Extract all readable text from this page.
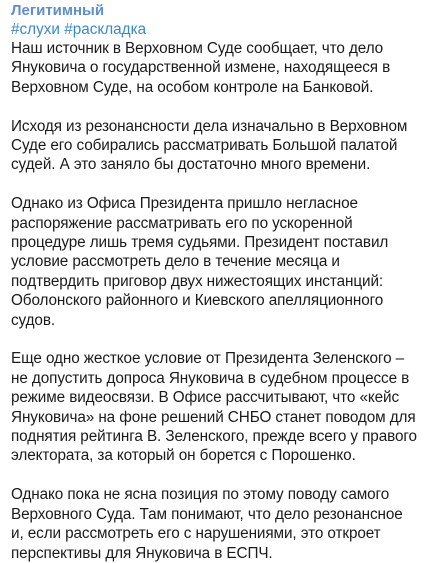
Легитимный
#слухи #раскладка

Наш источник в Верховном Суде сообщает, что дело Януковича о государственной измене, находящееся в Верховном Суде, на особом контроле на Банковой.

Исходя из резонансности дела изначально в Верховном Суде его собирались рассматривать Большой палатой судей. А это заняло бы достаточно много времени.

Однако из Офиса Президента пришло негласное распоряжение рассматривать его по ускоренной процедуре лишь тремя судьями. Президент поставил условие рассмотреть дело в течение месяца и подтвердить приговор двух нижестоящих инстанций: Оболонского районного и Киевского апелляционного судов.

Еще одно жесткое условие от Президента Зеленского – не допустить допроса Януковича в судебном процессе в режиме видеосвязи. В Офисе рассчитывают, что «кейс Януковича» на фоне решений СНБО станет поводом для поднятия рейтинга В. Зеленского, прежде всего у правого электората, за который он борется с Порошенко.

Однако пока не ясна позиция по этому поводу самого Верховного Суда. Там понимают, что дело резонансное и, если рассмотреть его с нарушениями, это откроет перспективы для Януковича в ЕСПЧ.
